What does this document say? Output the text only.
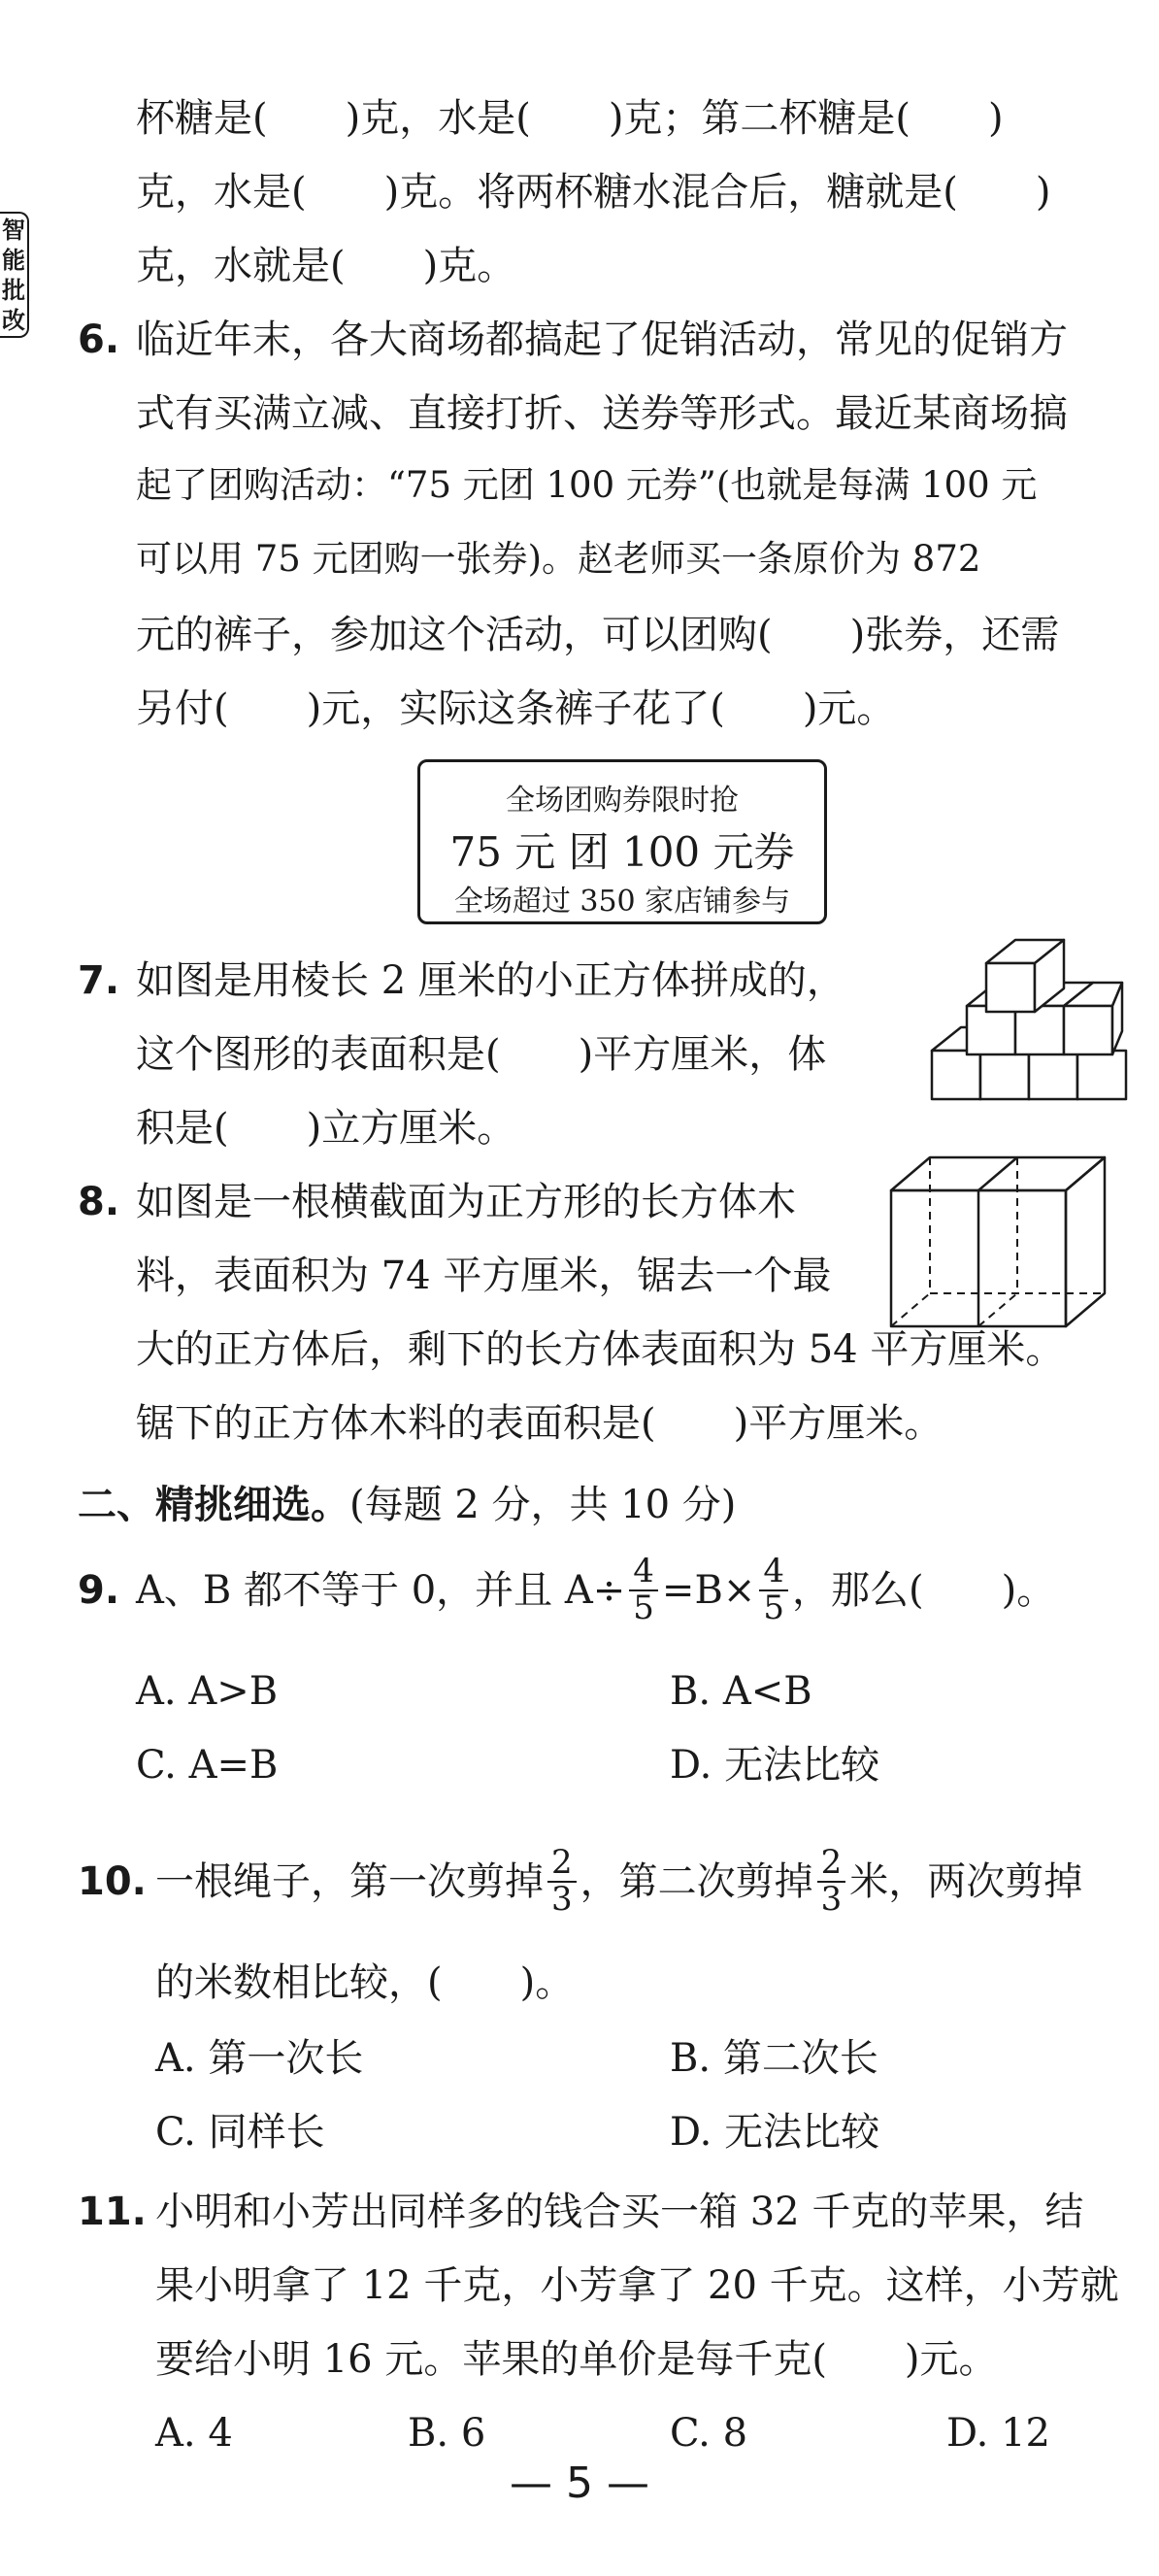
智
能
批
改
杯糖是(　　)克，水是(　　)克；第二杯糖是(　　)
克，水是(　　)克。将两杯糖水混合后，糖就是(　　)
克，水就是(　　)克。
6. 临近年末，各大商场都搞起了促销活动，常见的促销方
式有买满立减、直接打折、送券等形式。最近某商场搞
起了团购活动：“75 元团 100 元券”(也就是每满 100 元
可以用 75 元团购一张券)。赵老师买一条原价为 872
元的裤子，参加这个活动，可以团购(　　)张券，还需
另付(　　)元，实际这条裤子花了(　　)元。
全场团购券限时抢
75 元 团 100 元券
全场超过 350 家店铺参与
7. 如图是用棱长 2 厘米的小正方体拼成的，
这个图形的表面积是(　　)平方厘米，体
积是(　　)立方厘米。
8. 如图是一根横截面为正方形的长方体木
料，表面积为 74 平方厘米，锯去一个最
大的正方体后，剩下的长方体表面积为 54 平方厘米。
锯下的正方体木料的表面积是(　　)平方厘米。
二、精挑细选。(每题 2 分，共 10 分)
9. A、B 都不等于 0，并且 $A\div \frac{4}{5} =B\times \frac{4}{5}$ ，那么(　　)。
A. A>B	B. A<B
C. A=B	D. 无法比较
10. 一根绳子，第一次剪掉 $\frac{2}{3}$ ，第二次剪掉 $\frac{2}{3}$ 米，两次剪掉
的米数相比较，(　　)。
A. 第一次长	B. 第二次长
C. 同样长	D. 无法比较
11. 小明和小芳出同样多的钱合买一箱 32 千克的苹果，结
果小明拿了 12 千克，小芳拿了 20 千克。这样，小芳就
要给小明 16 元。苹果的单价是每千克(　　)元。
A. 4	B. 6	C. 8	D. 12
— 5 —
